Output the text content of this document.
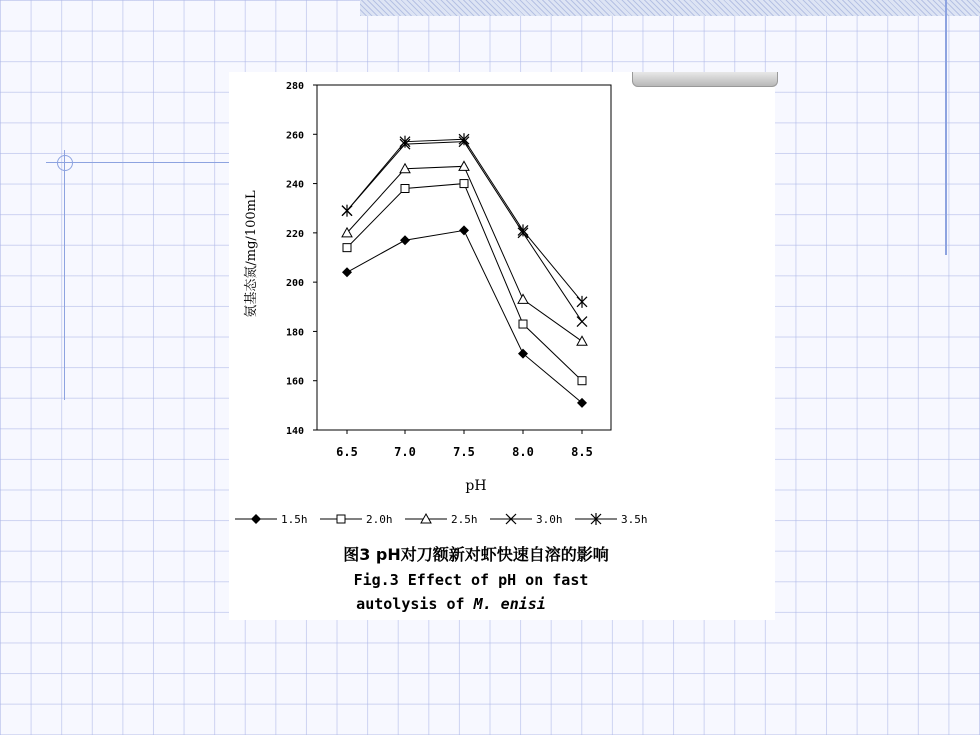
140
160
180
200
220
240
260
280
6.5	7.0	7.5	8.0	8.5
氨基态氮/mg/100mL
pH
1.5h	2.0h	2.5h	3.0h	3.5h
图3 pH对刀额新对虾快速自溶的影响
Fig.3 Effect of pH on fast
autolysis of M. enisi
